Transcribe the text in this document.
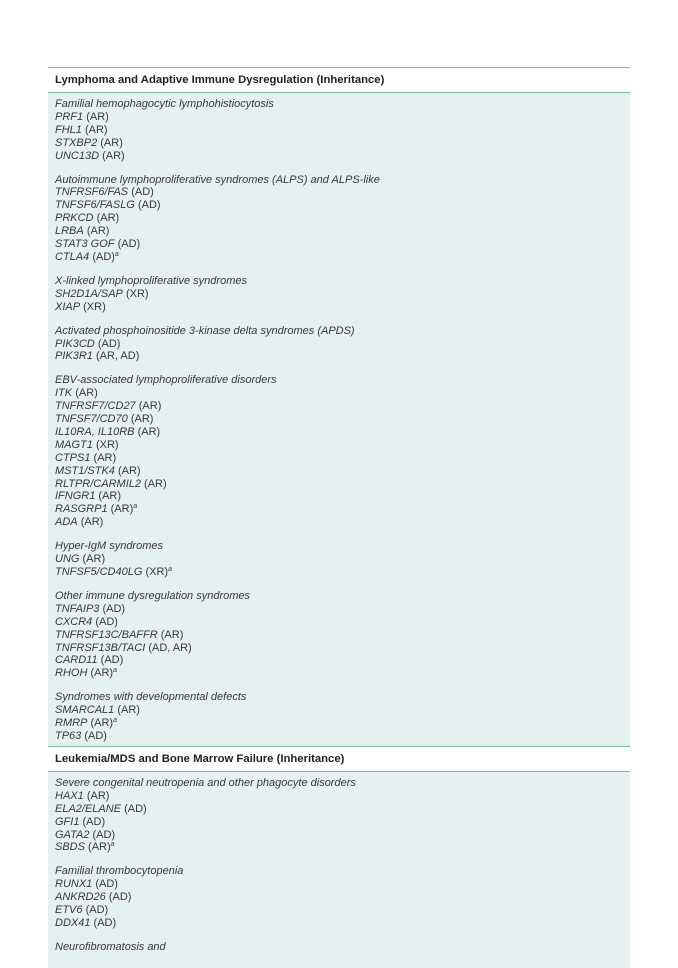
Lymphoma and Adaptive Immune Dysregulation (Inheritance)
Familial hemophagocytic lymphohistiocytosis
PRF1 (AR)
FHL1 (AR)
STXBP2 (AR)
UNC13D (AR)
Autoimmune lymphoproliferative syndromes (ALPS) and ALPS-like
TNFRSF6/FAS (AD)
TNFSF6/FASLG (AD)
PRKCD (AR)
LRBA (AR)
STAT3 GOF (AD)
CTLA4 (AD)$^a$
X-linked lymphoproliferative syndromes
SH2D1A/SAP (XR)
XIAP (XR)
Activated phosphoinositide 3-kinase delta syndromes (APDS)
PIK3CD (AD)
PIK3R1 (AR, AD)
EBV-associated lymphoproliferative disorders
ITK (AR)
TNFRSF7/CD27 (AR)
TNFSF7/CD70 (AR)
IL10RA, IL10RB (AR)
MAGT1 (XR)
CTPS1 (AR)
MST1/STK4 (AR)
RLTPR/CARMIL2 (AR)
IFNGR1 (AR)
RASGRP1 (AR)$^a$
ADA (AR)
Hyper-IgM syndromes
UNG (AR)
TNFSF5/CD40LG (XR)$^a$
Other immune dysregulation syndromes
TNFAIP3 (AD)
CXCR4 (AD)
TNFRSF13C/BAFFR (AR)
TNFRSF13B/TACI (AD, AR)
CARD11 (AD)
RHOH (AR)$^a$
Syndromes with developmental defects
SMARCAL1 (AR)
RMRP (AR)$^a$
TP63 (AD)
Leukemia/MDS and Bone Marrow Failure (Inheritance)
Severe congenital neutropenia and other phagocyte disorders
HAX1 (AR)
ELA2/ELANE (AD)
GFI1 (AD)
GATA2 (AD)
SBDS (AR)$^a$
Familial thrombocytopenia
RUNX1 (AD)
ANKRD26 (AD)
ETV6 (AD)
DDX41 (AD)
Neurofibromatosis and
